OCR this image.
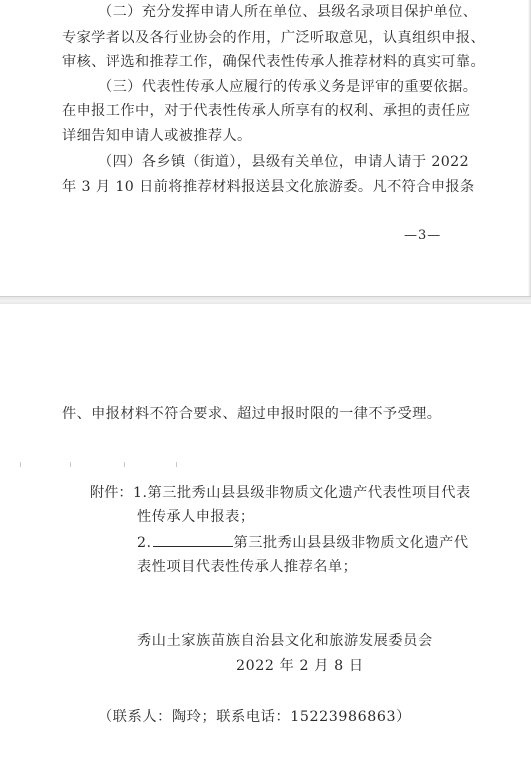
（二）充分发挥申请人所在单位、县级名录项目保护单位、
专家学者以及各行业协会的作用，广泛听取意见，认真组织申报、
审核、评选和推荐工作，确保代表性传承人推荐材料的真实可靠。
（三）代表性传承人应履行的传承义务是评审的重要依据。
在申报工作中，对于代表性传承人所享有的权利、承担的责任应
详细告知申请人或被推荐人。
（四）各乡镇（街道），县级有关单位，申请人请于 2022
年 3 月 10 日前将推荐材料报送县文化旅游委。凡不符合申报条
—3—
件、申报材料不符合要求、超过申报时限的一律不予受理。
附件： 1.第三批秀山县县级非物质文化遗产代表性项目代表
性传承人申报表；
2.	第三批秀山县县级非物质文化遗产代
表性项目代表性传承人推荐名单；
秀山土家族苗族自治县文化和旅游发展委员会
2022 年 2 月 8 日
（联系人：陶玲；联系电话：15223986863）
